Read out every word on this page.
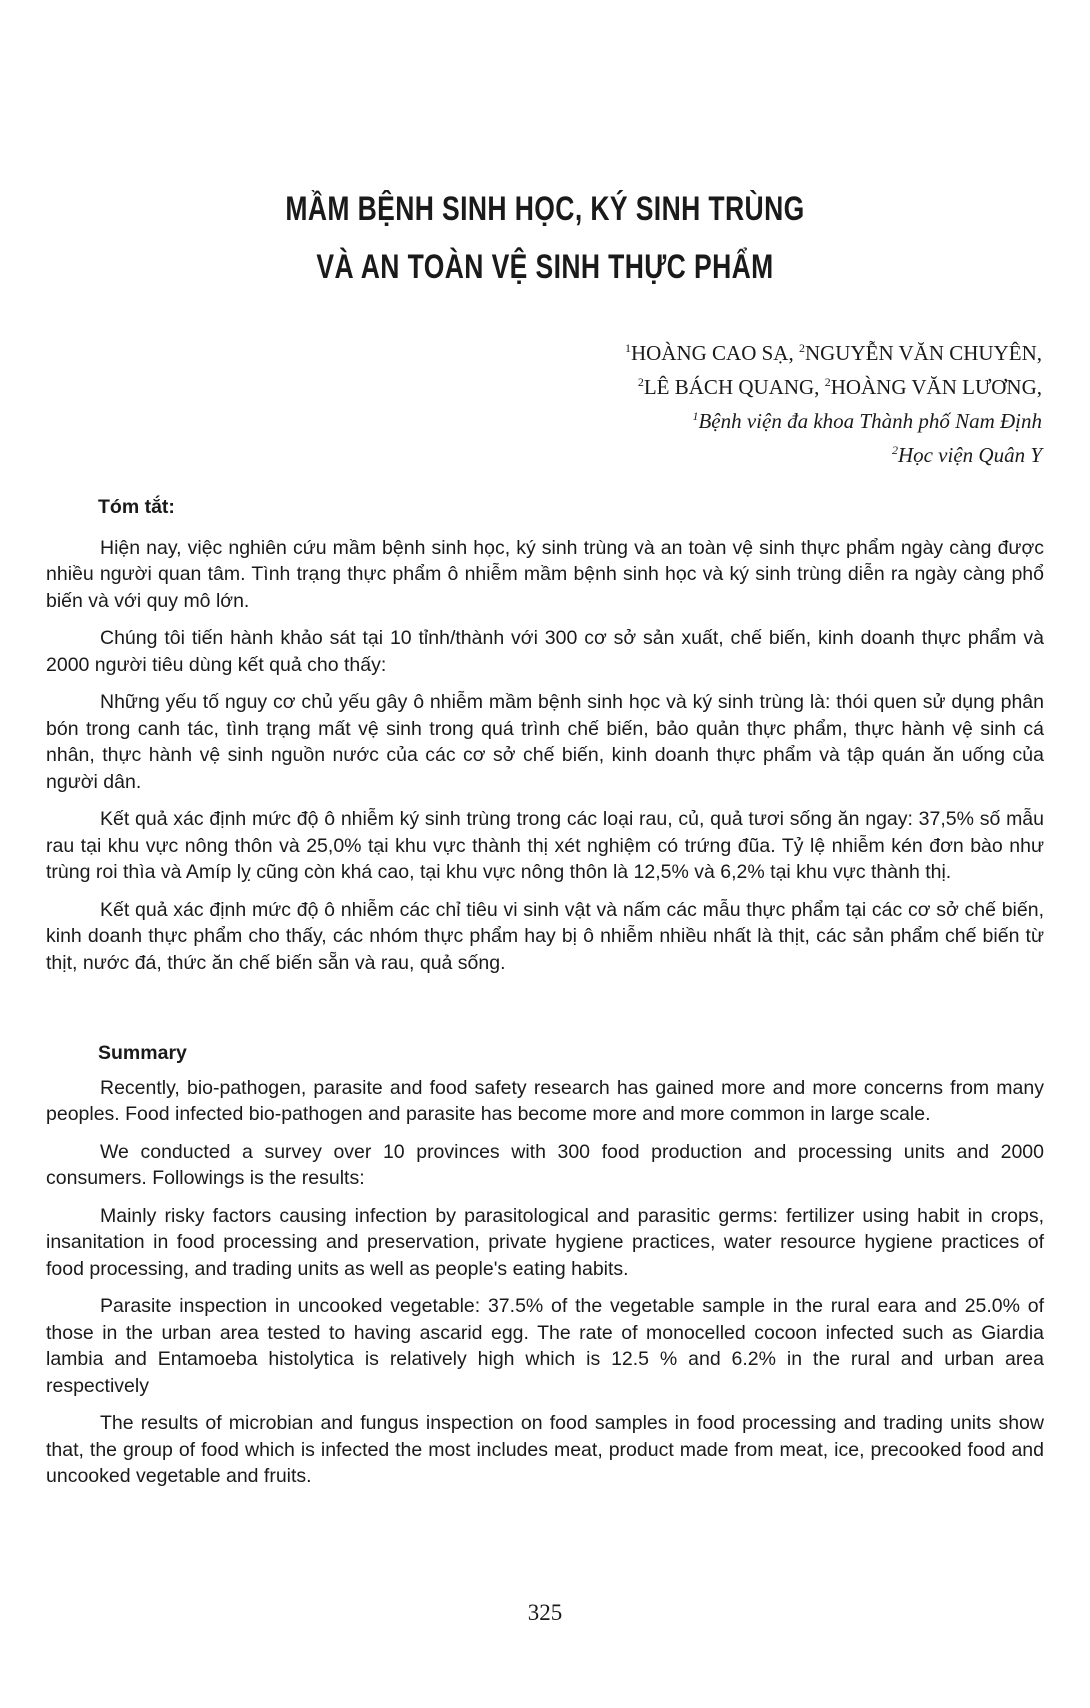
MẦM BỆNH SINH HỌC, KÝ SINH TRÙNG
VÀ AN TOÀN VỆ SINH THỰC PHẨM
$^1$HOÀNG CAO SẠ, $^2$NGUYỄN VĂN CHUYÊN,
$^2$LÊ BÁCH QUANG, $^2$HOÀNG VĂN LƯƠNG,
$^1$Bệnh viện đa khoa Thành phố Nam Định
$^2$Học viện Quân Y
Tóm tắt:

Hiện nay, việc nghiên cứu mầm bệnh sinh học, ký sinh trùng và an toàn vệ sinh thực phẩm ngày càng được nhiều người quan tâm. Tình trạng thực phẩm ô nhiễm mầm bệnh sinh học và ký sinh trùng diễn ra ngày càng phổ biến và với quy mô lớn.

Chúng tôi tiến hành khảo sát tại 10 tỉnh/thành với 300 cơ sở sản xuất, chế biến, kinh doanh thực phẩm và 2000 người tiêu dùng kết quả cho thấy:

Những yếu tố nguy cơ chủ yếu gây ô nhiễm mầm bệnh sinh học và ký sinh trùng là: thói quen sử dụng phân bón trong canh tác, tình trạng mất vệ sinh trong quá trình chế biến, bảo quản thực phẩm, thực hành vệ sinh cá nhân, thực hành vệ sinh nguồn nước của các cơ sở chế biến, kinh doanh thực phẩm và tập quán ăn uống của người dân.

Kết quả xác định mức độ ô nhiễm ký sinh trùng trong các loại rau, củ, quả tươi sống ăn ngay: 37,5% số mẫu rau tại khu vực nông thôn và 25,0% tại khu vực thành thị xét nghiệm có trứng đũa. Tỷ lệ nhiễm kén đơn bào như trùng roi thìa và Amíp lỵ cũng còn khá cao, tại khu vực nông thôn là 12,5% và 6,2% tại khu vực thành thị.

Kết quả xác định mức độ ô nhiễm các chỉ tiêu vi sinh vật và nấm các mẫu thực phẩm tại các cơ sở chế biến, kinh doanh thực phẩm cho thấy, các nhóm thực phẩm hay bị ô nhiễm nhiều nhất là thịt, các sản phẩm chế biến từ thịt, nước đá, thức ăn chế biến sẵn và rau, quả sống.

Summary

Recently, bio-pathogen, parasite and food safety research has gained more and more concerns from many peoples. Food infected bio-pathogen and parasite has become more and more common in large scale.

We conducted a survey over 10 provinces with 300 food production and processing units and 2000 consumers. Followings is the results:

Mainly risky factors causing infection by parasitological and parasitic germs: fertilizer using habit in crops, insanitation in food processing and preservation, private hygiene practices, water resource hygiene practices of food processing, and trading units as well as people's eating habits.

Parasite inspection in uncooked vegetable: 37.5% of the vegetable sample in the rural eara and 25.0% of those in the urban area tested to having ascarid egg. The rate of monocelled cocoon infected such as Giardia lambia and Entamoeba histolytica is relatively high which is 12.5 % and 6.2% in the rural and urban area respectively

The results of microbian and fungus inspection on food samples in food processing and trading units show that, the group of food which is infected the most includes meat, product made from meat, ice, precooked food and uncooked vegetable and fruits.

325
